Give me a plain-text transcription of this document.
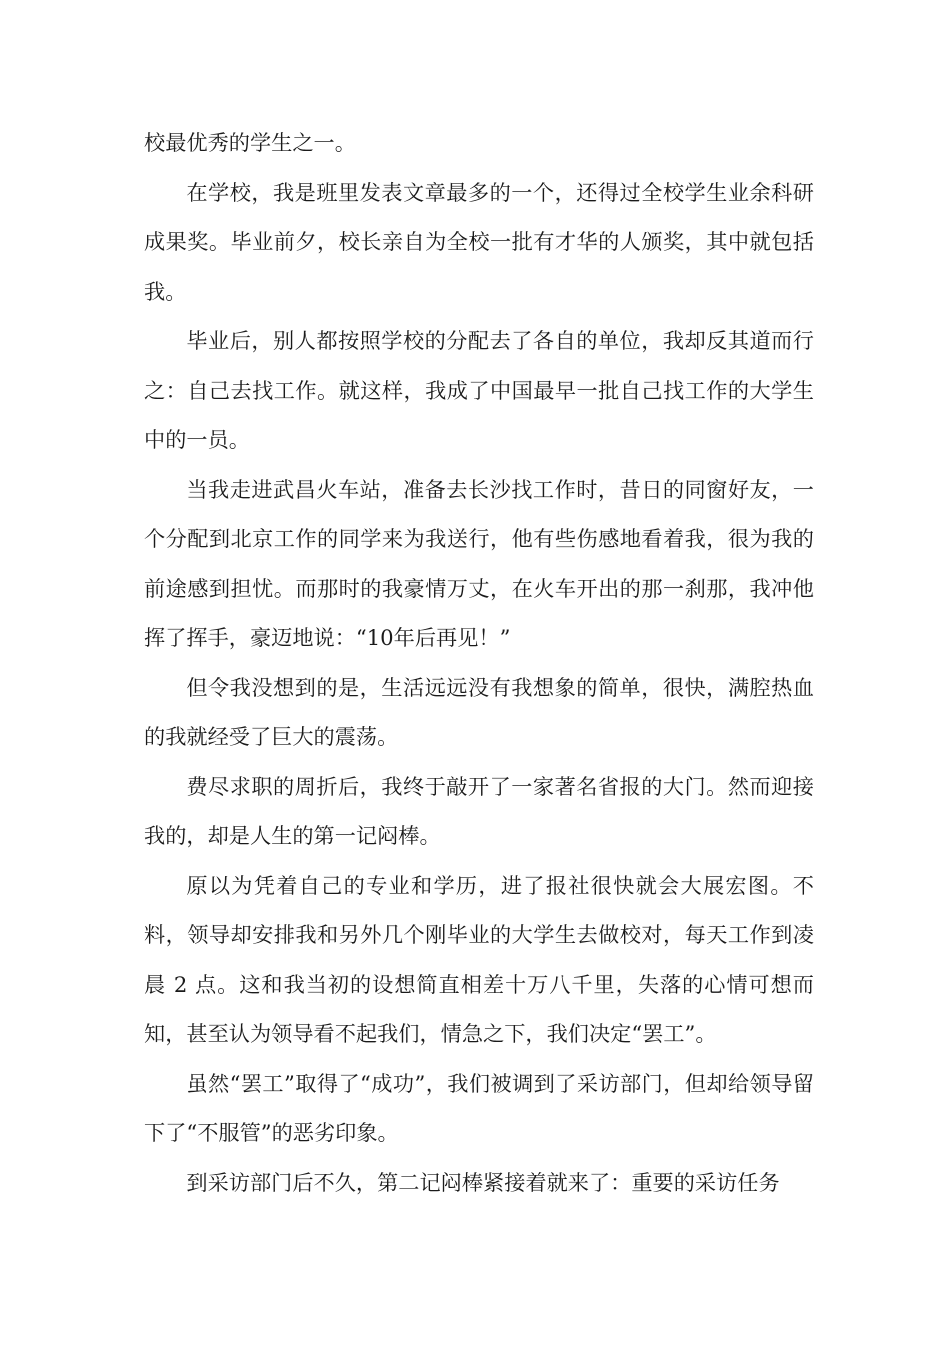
校最优秀的学生之一。

在学校，我是班里发表文章最多的一个，还得过全校学生业余科研成果奖。毕业前夕，校长亲自为全校一批有才华的人颁奖，其中就包括我。

毕业后，别人都按照学校的分配去了各自的单位，我却反其道而行之：自己去找工作。就这样，我成了中国最早一批自己找工作的大学生中的一员。

当我走进武昌火车站，准备去长沙找工作时，昔日的同窗好友，一个分配到北京工作的同学来为我送行，他有些伤感地看着我，很为我的前途感到担忧。而那时的我豪情万丈，在火车开出的那一刹那，我冲他挥了挥手，豪迈地说：“10年后再见！”

但令我没想到的是，生活远远没有我想象的简单，很快，满腔热血的我就经受了巨大的震荡。

费尽求职的周折后，我终于敲开了一家著名省报的大门。然而迎接我的，却是人生的第一记闷棒。

原以为凭着自己的专业和学历，进了报社很快就会大展宏图。不料，领导却安排我和另外几个刚毕业的大学生去做校对，每天工作到凌晨 2 点。这和我当初的设想简直相差十万八千里，失落的心情可想而知，甚至认为领导看不起我们，情急之下，我们决定“罢工”。

虽然“罢工”取得了“成功”，我们被调到了采访部门，但却给领导留下了“不服管”的恶劣印象。

到采访部门后不久，第二记闷棒紧接着就来了：重要的采访任务
